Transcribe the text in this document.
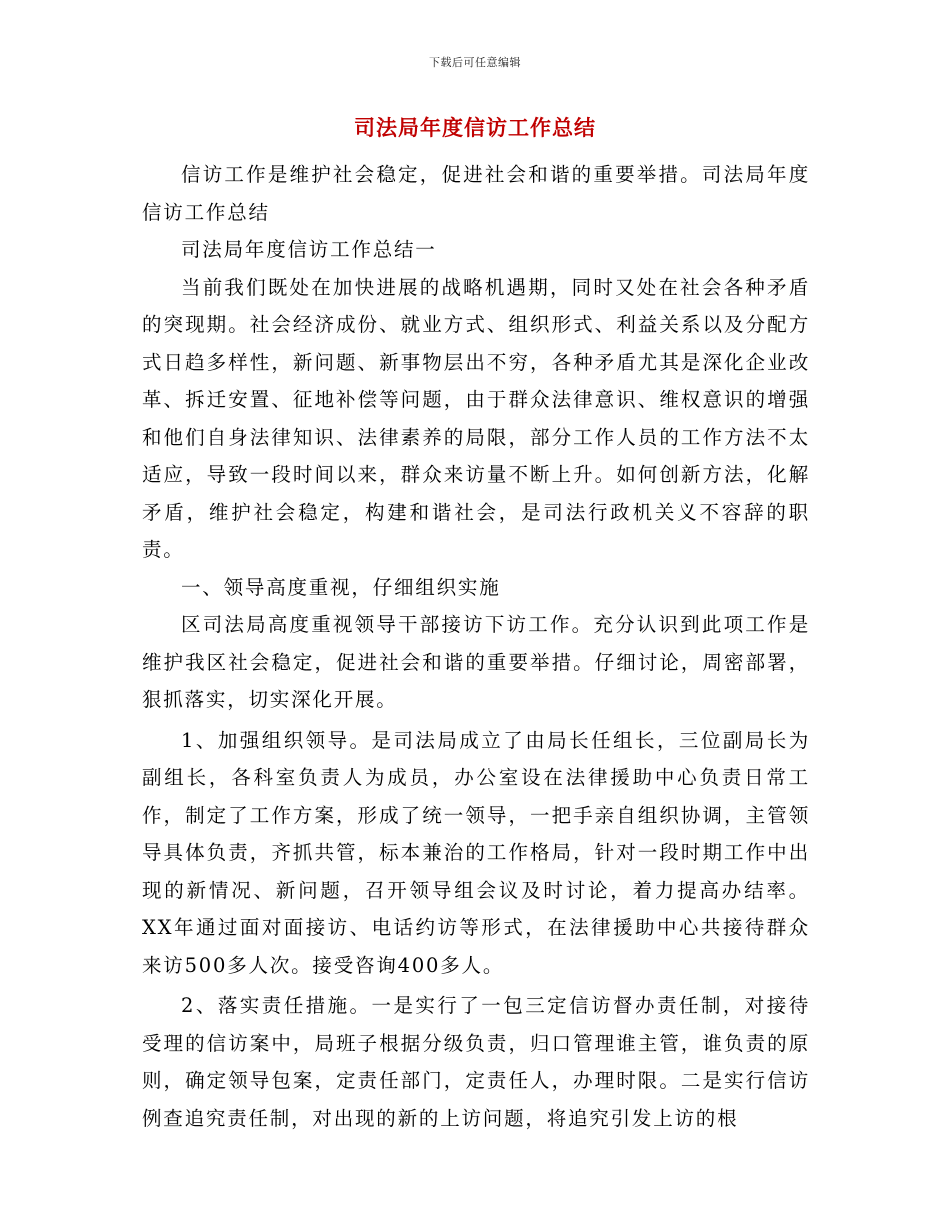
下载后可任意编辑
司法局年度信访工作总结

信访工作是维护社会稳定，促进社会和谐的重要举措。司法局年度信访工作总结

司法局年度信访工作总结一

当前我们既处在加快进展的战略机遇期，同时又处在社会各种矛盾的突现期。社会经济成份、就业方式、组织形式、利益关系以及分配方式日趋多样性，新问题、新事物层出不穷，各种矛盾尤其是深化企业改革、拆迁安置、征地补偿等问题，由于群众法律意识、维权意识的增强和他们自身法律知识、法律素养的局限，部分工作人员的工作方法不太适应，导致一段时间以来，群众来访量不断上升。如何创新方法，化解矛盾，维护社会稳定，构建和谐社会，是司法行政机关义不容辞的职责。

一、领导高度重视，仔细组织实施

区司法局高度重视领导干部接访下访工作。充分认识到此项工作是维护我区社会稳定，促进社会和谐的重要举措。仔细讨论，周密部署，狠抓落实，切实深化开展。

1、加强组织领导。是司法局成立了由局长任组长，三位副局长为副组长，各科室负责人为成员，办公室设在法律援助中心负责日常工作，制定了工作方案，形成了统一领导，一把手亲自组织协调，主管领导具体负责，齐抓共管，标本兼治的工作格局，针对一段时期工作中出现的新情况、新问题，召开领导组会议及时讨论，着力提高办结率。XX年通过面对面接访、电话约访等形式，在法律援助中心共接待群众来访500多人次。接受咨询400多人。

2、落实责任措施。一是实行了一包三定信访督办责任制，对接待受理的信访案中，局班子根据分级负责，归口管理谁主管，谁负责的原则，确定领导包案，定责任部门，定责任人，办理时限。二是实行信访例查追究责任制，对出现的新的上访问题，将追究引发上访的根
